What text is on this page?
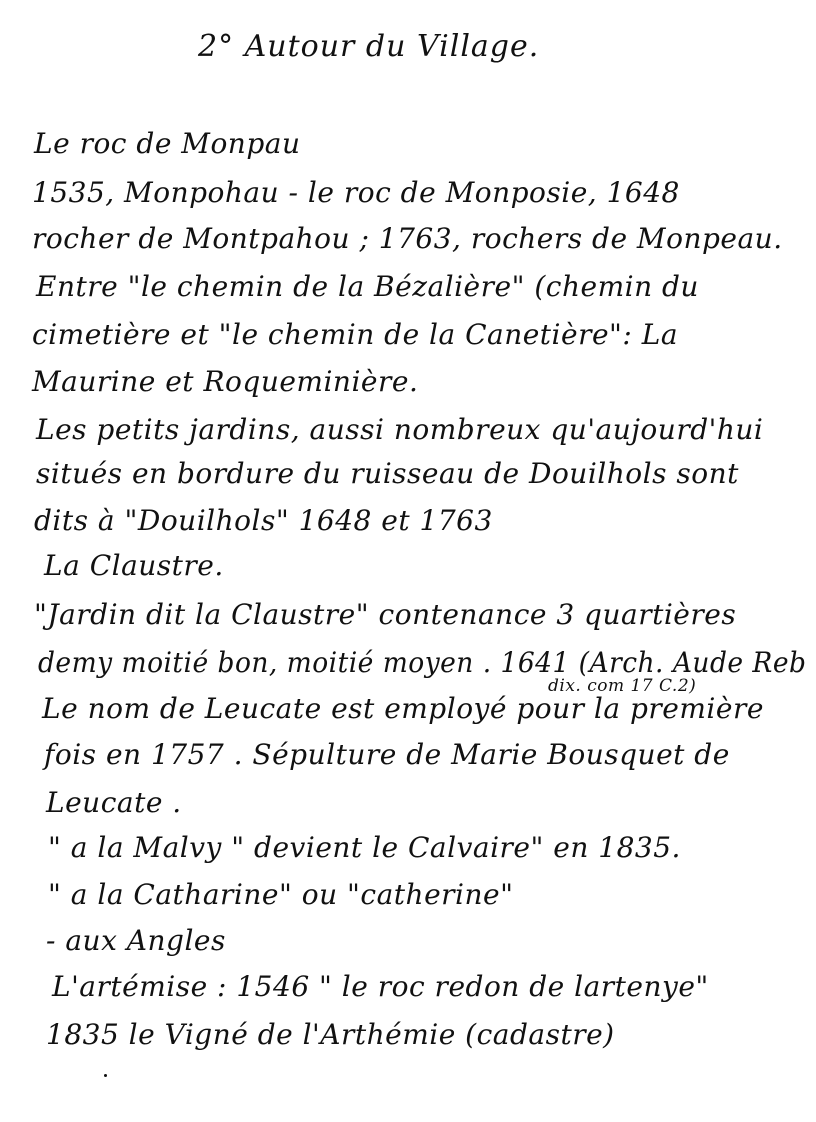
2° Autour du Village.
Le roc de Monpau
1535, Monpohau - le roc de Monposie, 1648
rocher de Montpahou ; 1763, rochers de Monpeau.
Entre "le chemin de la Bézalière" (chemin du
cimetière et "le chemin de la Canetière": La
Maurine et Roqueminière.
Les petits jardins, aussi nombreux qu'aujourd'hui
situés en bordure du ruisseau de Douilhols sont
dits à "Douilhols" 1648 et 1763
La Claustre.
"Jardin dit la Claustre" contenance 3 quartières
demy moitié bon, moitié moyen . 1641 (Arch. Aude Reb
dix. com 17 C.2)
Le nom de Leucate est employé pour la première
fois en 1757 . Sépulture de Marie Bousquet de
Leucate .
" a la Malvy " devient le Calvaire" en 1835.
" a la Catharine" ou "catherine"
- aux Angles
L'artémise : 1546 " le roc redon de lartenye"
1835 le Vigné de l'Arthémie (cadastre)
